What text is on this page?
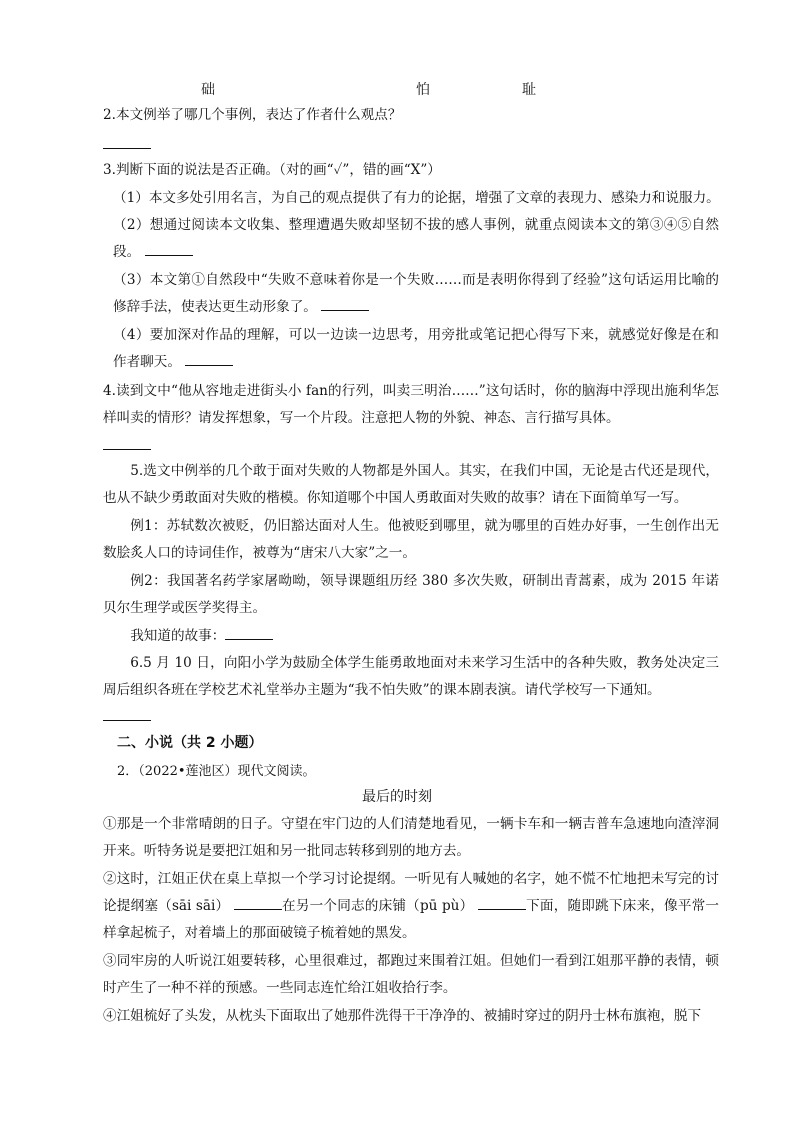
础	怕	耻
2.本文例举了哪几个事例，表达了作者什么观点？
3.判断下面的说法是否正确。（对的画“✓”，错的画“X”）
（1）本文多处引用名言，为自己的观点提供了有力的论据，增强了文章的表现力、感染力和说服力。
（2）想通过阅读本文收集、整理遭遇失败却坚韧不拔的感人事例，就重点阅读本文的第③④⑤自然段。
（3）本文第①自然段中“失败不意味着你是一个失败……而是表明你得到了经验”这句话运用比喻的修辞手法，使表达更生动形象了。
（4）要加深对作品的理解，可以一边读一边思考，用旁批或笔记把心得写下来，就感觉好像是在和作者聊天。
4.读到文中“他从容地走进街头小 fan的行列，叫卖三明治……”这句话时，你的脑海中浮现出施利华怎样叫卖的情形？请发挥想象，写一个片段。注意把人物的外貌、神态、言行描写具体。
5.选文中例举的几个敢于面对失败的人物都是外国人。其实，在我们中国，无论是古代还是现代，也从不缺少勇敢面对失败的楷模。你知道哪个中国人勇敢面对失败的故事？请在下面简单写一写。
例1：苏轼数次被贬，仍旧豁达面对人生。他被贬到哪里，就为哪里的百姓办好事，一生创作出无数脍炙人口的诗词佳作，被尊为“唐宋八大家”之一。
例2：我国著名药学家屠呦呦，领导课题组历经 380 多次失败，研制出青蒿素，成为 2015 年诺贝尔生理学或医学奖得主。
我知道的故事：
6.5 月 10 日，向阳小学为鼓励全体学生能勇敢地面对未来学习生活中的各种失败，教务处决定三周后组织各班在学校艺术礼堂举办主题为“我不怕失败”的课本剧表演。请代学校写一下通知。
二、小说（共 2 小题）
2．（2022•莲池区）现代文阅读。
最后的时刻
①那是一个非常晴朗的日子。守望在牢门边的人们清楚地看见，一辆卡车和一辆吉普车急速地向渣滓洞开来。听特务说是要把江姐和另一批同志转移到别的地方去。
②这时，江姐正伏在桌上草拟一个学习讨论提纲。一听见有人喊她的名字，她不慌不忙地把未写完的讨论提纲塞（sāi sāi）	在另一个同志的床铺（pū pù）	下面，随即跳下床来，像平常一样拿起梳子，对着墙上的那面破镜子梳着她的黑发。
③同牢房的人听说江姐要转移，心里很难过，都跑过来围着江姐。但她们一看到江姐那平静的表情，顿时产生了一种不祥的预感。一些同志连忙给江姐收拾行李。
④江姐梳好了头发，从枕头下面取出了她那件洗得干干净净的、被捕时穿过的阴丹士林布旗袍，脱下
